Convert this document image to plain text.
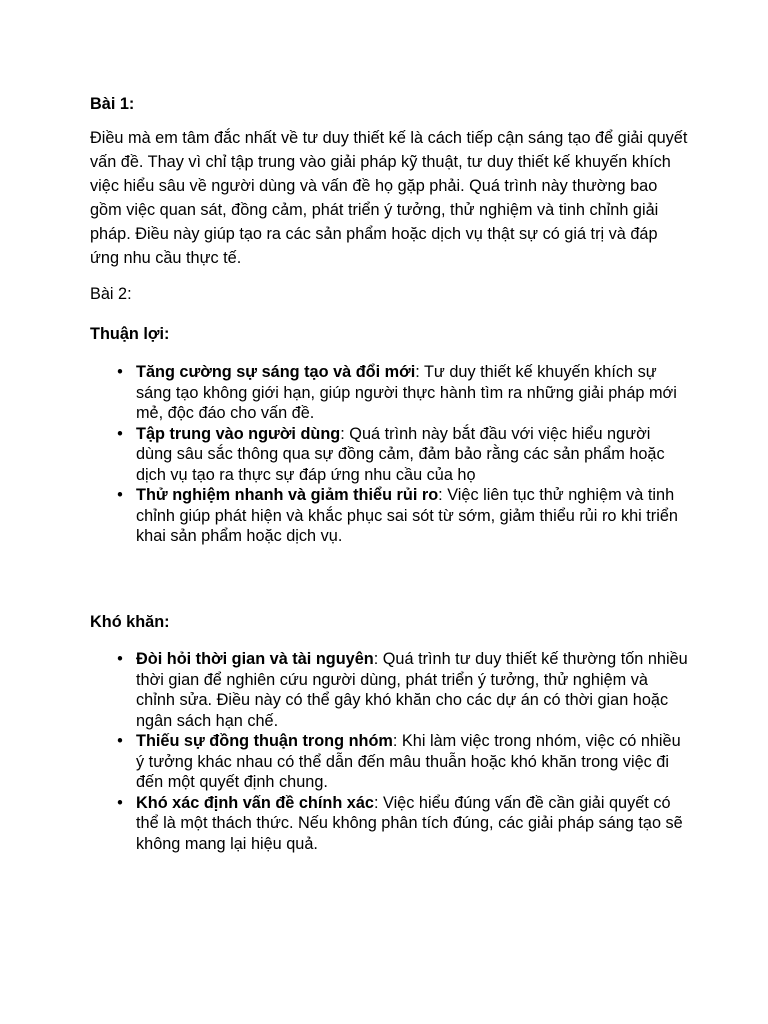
Bài 1:

Điều mà em tâm đắc nhất về tư duy thiết kế là cách tiếp cận sáng tạo để giải quyết vấn đề. Thay vì chỉ tập trung vào giải pháp kỹ thuật, tư duy thiết kế khuyến khích việc hiểu sâu về người dùng và vấn đề họ gặp phải. Quá trình này thường bao gồm việc quan sát, đồng cảm, phát triển ý tưởng, thử nghiệm và tinh chỉnh giải pháp. Điều này giúp tạo ra các sản phẩm hoặc dịch vụ thật sự có giá trị và đáp ứng nhu cầu thực tế.

Bài 2:

Thuận lợi:

• Tăng cường sự sáng tạo và đổi mới: Tư duy thiết kế khuyến khích sự sáng tạo không giới hạn, giúp người thực hành tìm ra những giải pháp mới mẻ, độc đáo cho vấn đề.
• Tập trung vào người dùng: Quá trình này bắt đầu với việc hiểu người dùng sâu sắc thông qua sự đồng cảm, đảm bảo rằng các sản phẩm hoặc dịch vụ tạo ra thực sự đáp ứng nhu cầu của họ
• Thử nghiệm nhanh và giảm thiểu rủi ro: Việc liên tục thử nghiệm và tinh chỉnh giúp phát hiện và khắc phục sai sót từ sớm, giảm thiểu rủi ro khi triển khai sản phẩm hoặc dịch vụ.

Khó khăn:

• Đòi hỏi thời gian và tài nguyên: Quá trình tư duy thiết kế thường tốn nhiều thời gian để nghiên cứu người dùng, phát triển ý tưởng, thử nghiệm và chỉnh sửa. Điều này có thể gây khó khăn cho các dự án có thời gian hoặc ngân sách hạn chế.
• Thiếu sự đồng thuận trong nhóm: Khi làm việc trong nhóm, việc có nhiều ý tưởng khác nhau có thể dẫn đến mâu thuẫn hoặc khó khăn trong việc đi đến một quyết định chung.
• Khó xác định vấn đề chính xác: Việc hiểu đúng vấn đề cần giải quyết có thể là một thách thức. Nếu không phân tích đúng, các giải pháp sáng tạo sẽ không mang lại hiệu quả.
